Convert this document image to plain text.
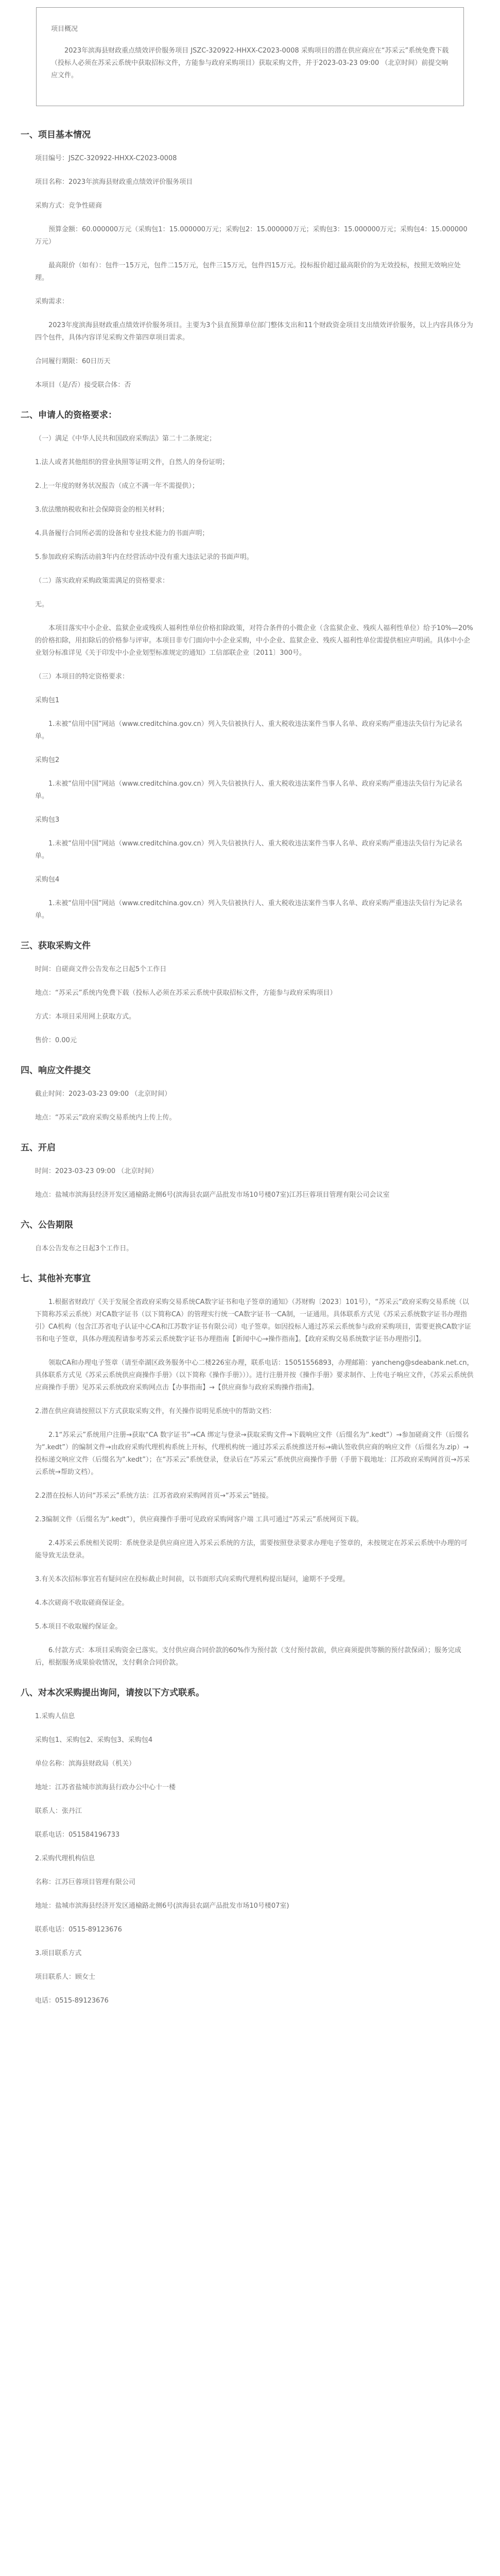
项目概况

2023年滨海县财政重点绩效评价服务项目 JSZC-320922-HHXX-C2023-0008 采购项目的潜在供应商应在“苏采云”系统免费下载（投标人必须在苏采云系统中获取招标文件，方能参与政府采购项目）获取采购文件，并于2023-03-23 09:00 （北京时间）前提交响应文件。

一、项目基本情况

项目编号：JSZC-320922-HHXX-C2023-0008

项目名称：2023年滨海县财政重点绩效评价服务项目

采购方式：竞争性磋商

预算金额：60.000000万元（采购包1：15.000000万元；采购包2：15.000000万元；采购包3：15.000000万元；采购包4：15.000000万元）

最高限价（如有）：包件一15万元，包件二15万元，包件三15万元，包件四15万元。投标报价超过最高限价的为无效投标，按照无效响应处理。

采购需求：

2023年度滨海县财政重点绩效评价服务项目。主要为3个县直预算单位部门整体支出和11个财政资金项目支出绩效评价服务，以上内容具体分为四个包件，具体内容详见采购文件第四章项目需求。

合同履行期限：60日历天

本项目（是/否）接受联合体：否

二、申请人的资格要求：

（一）满足《中华人民共和国政府采购法》第二十二条规定；

1.法人或者其他组织的营业执照等证明文件，自然人的身份证明；

2.上一年度的财务状况报告（成立不满一年不需提供）；

3.依法缴纳税收和社会保障资金的相关材料；

4.具备履行合同所必需的设备和专业技术能力的书面声明；

5.参加政府采购活动前3年内在经营活动中没有重大违法记录的书面声明。

（二）落实政府采购政策需满足的资格要求：

无。

本项目落实中小企业、监狱企业或残疾人福利性单位价格扣除政策，对符合条件的小微企业（含监狱企业、残疾人福利性单位）给予10%—20%的价格扣除，用扣除后的价格参与评审。本项目非专门面向中小企业采购，中小企业、监狱企业、残疾人福利性单位需提供相应声明函。具体中小企业划分标准详见《关于印发中小企业划型标准规定的通知》工信部联企业〔2011〕300号。

（三）本项目的特定资格要求：

采购包1

1.未被“信用中国”网站（www.creditchina.gov.cn）列入失信被执行人、重大税收违法案件当事人名单、政府采购严重违法失信行为记录名单。

采购包2

1.未被“信用中国”网站（www.creditchina.gov.cn）列入失信被执行人、重大税收违法案件当事人名单、政府采购严重违法失信行为记录名单。

采购包3

1.未被“信用中国”网站（www.creditchina.gov.cn）列入失信被执行人、重大税收违法案件当事人名单、政府采购严重违法失信行为记录名单。

采购包4

1.未被“信用中国”网站（www.creditchina.gov.cn）列入失信被执行人、重大税收违法案件当事人名单、政府采购严重违法失信行为记录名单。

三、获取采购文件

时间：自磋商文件公告发布之日起5个工作日

地点：“苏采云”系统内免费下载（投标人必须在苏采云系统中获取招标文件，方能参与政府采购项目）

方式：本项目采用网上获取方式。

售价：0.00元

四、响应文件提交

截止时间：2023-03-23 09:00 （北京时间）

地点：“苏采云”政府采购交易系统内上传上传。

五、开启

时间：2023-03-23 09:00 （北京时间）

地点：盐城市滨海县经济开发区通榆路北侧6号(滨海县农副产品批发市场10号楼07室)江苏巨蓉项目管理有限公司会议室

六、公告期限

自本公告发布之日起3个工作日。

七、其他补充事宜

1.根据省财政厅《关于发展全省政府采购交易系统CA数字证书和电子签章的通知》（苏财购〔2023〕101号），“苏采云”政府采购交易系统（以下简称苏采云系统）对CA数字证书（以下简称CA）的管理实行统一CA数字证书一CA制，一证通用。具体联系方式见《苏采云系统数字证书办理指引》CA机构（包含江苏省电子认证中心CA和江苏数字证书有限公司）电子签章。如因投标人通过苏采云系统参与政府采购项目，需要更换CA数字证书和电子签章，具体办理流程请参考苏采云系统数字证书办理指南【新闻中心→操作指南】。【政府采购交易系统数字证书办理指引】。

领取CA和办理电子签章（请至牵湖区政务服务中心二楼226室办理，联系电话：15051556893，办理邮箱：yancheng@sdeabank.net.cn，具体联系方式见《苏采云系统供应商操作手册》（以下简称《操作手册》））。进行注册并按《操作手册》要求制作、上传电子响应文件，《苏采云系统供应商操作手册》见苏采云系统政府采购网点击【办事指南】→【供应商参与政府采购操作指南】。

2.潜在供应商请按照以下方式获取采购文件，有关操作说明见系统中的帮助文档：

2.1“苏采云”系统用户注册→获取“CA 数字证书”→CA 绑定与登录→获取采购文件→下载响应文件（后缀名为“.kedt”）→参加磋商文件（后缀名为“.kedt”）的编制文件→由政府采购代理机构系统上开标，代理机构统一通过苏采云系统推送开标→确认签收供应商的响应文件（后缀名为.zip）→投标递交响应文件（后缀名为“.kedt”）；在“苏采云”系统登录，登录后在“苏采云”系统供应商操作手册（手册下载地址：江苏政府采购网首页→苏采云系统→帮助文档）。

2.2潜在投标人访问“苏采云”系统方法：江苏省政府采购网首页→“苏采云”链接。

2.3编制文件（后缀名为“.kedt”），供应商操作手册可见政府采购网客户端 工具可通过“苏采云”系统网页下载。

2.4苏采云系统相关说明：系统登录是供应商应进入苏采云系统的方法，需要按照登录要求办理电子签章的，未按规定在苏采云系统中办理的可能导致无法登录。

3.有关本次招标事宜若有疑问应在投标截止时间前，以书面形式向采购代理机构提出疑问，逾期不予受理。

4.本次磋商不收取磋商保证金。

5.本项目不收取履约保证金。

6.付款方式：本项目采购资金已落实。支付供应商合同价款的60%作为预付款（支付预付款前，供应商须提供等额的预付款保函）；服务完成后，根据服务成果验收情况，支付剩余合同价款。

八、对本次采购提出询问，请按以下方式联系。

1.采购人信息

采购包1、采购包2、采购包3、采购包4

单位名称：滨海县财政局（机关）

地址：江苏省盐城市滨海县行政办公中心十一楼

联系人：张丹江

联系电话：051584196733

2.采购代理机构信息

名称：江苏巨蓉项目管理有限公司

地址：盐城市滨海县经济开发区通榆路北侧6号(滨海县农副产品批发市场10号楼07室)

联系电话：0515-89123676

3.项目联系方式

项目联系人：顾女士

电话：0515-89123676
